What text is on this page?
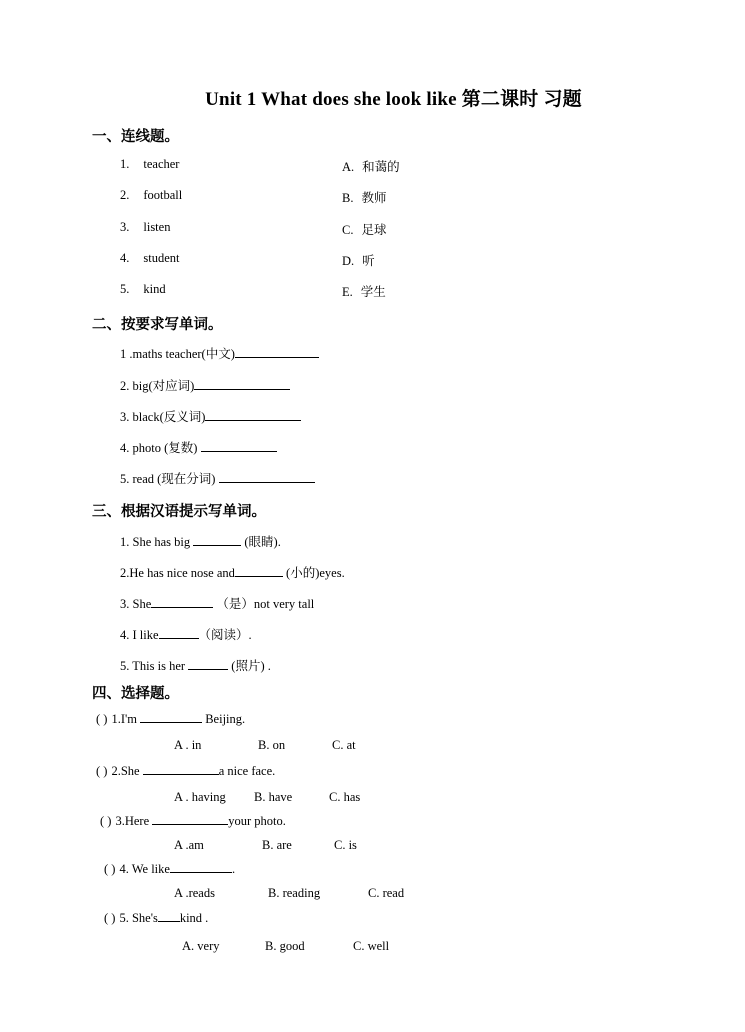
Unit 1 What does she look like 第二课时 习题
一、连线题。
1. teacher
2. football
3. listen
4. student
5. kind
A. 和蔼的
B. 教师
C. 足球
D. 听
E. 学生
二、按要求写单词。
1 .maths teacher(中文)
2. big(对应词)
3. black(反义词)
4. photo (复数)
5. read (现在分词)
三、根据汉语提示写单词。
1. She has big	(眼睛).
2.He has nice nose and	(小的)eyes.
3. She	（是）not very tall
4. I like	（阅读）.
5. This is her	(照片) .
四、选择题。
( ) 1.I'm	Beijing.
A . in	B. on	C. at
( ) 2.She	a nice face.
A . having B. have	C. has
( ) 3.Here	your photo.
A .am	B. are	C. is
( ) 4. We like	.
A .reads	B. reading	C. read
( ) 5. She's kind .
A. very	B. good	C. well
